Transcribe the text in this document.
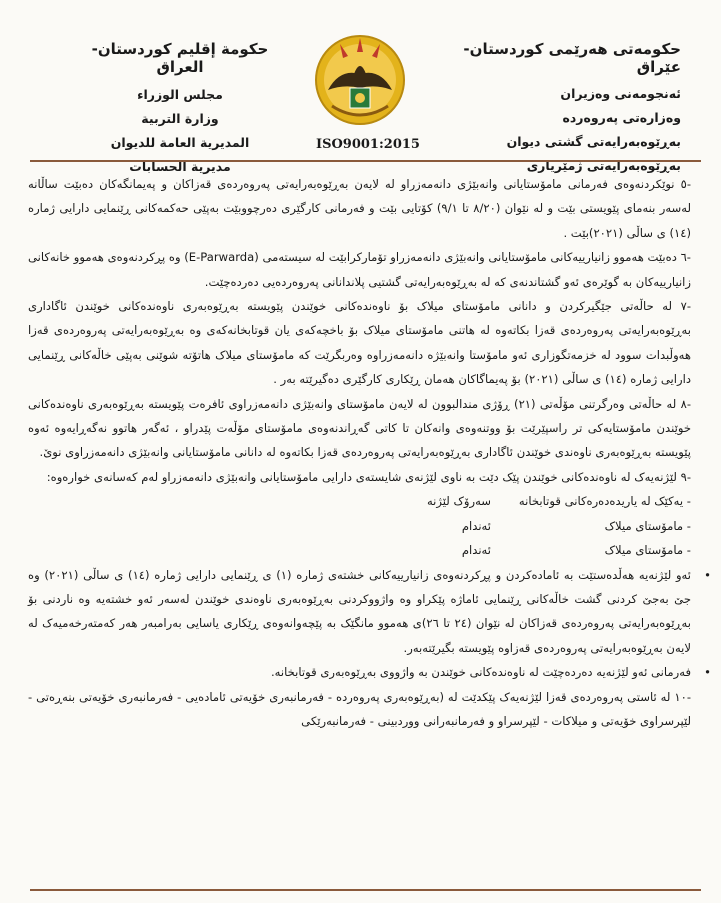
حکومەتی هەرێمی کوردستان- عێراق
ئەنجومەنی وەزیران
وەزارەتی پەروەردە
بەڕێوەبەرایەتی گشتی دیوان
بەڕێوەبەرایەتی ژمێریاری
حكومة إقليم كوردستان- العراق
مجلس الوزراء
وزارة التربية
المديرية العامة للديوان
مديرية الحسابات
ISO9001:2015

-٥ نوێکردنەوەی فەرمانی مامۆستایانی وانەبێژی دانەمەزراو لە لایەن بەڕێوەبەرایەتی پەروەردەی قەزاکان و پەیمانگەکان دەبێت ساڵانە لەسەر بنەمای پێویستی بێت و لە نێوان (٨/٢٠ تا ٩/١) کۆتایی بێت و فەرمانی کارگێری دەرچووبێت بەپێی حەکمەکانی ڕێنمایی دارایی ژمارە (١٤) ی ساڵی (٢٠٢١)بێت .

-٦ دەبێت هەموو زانیارییەکانی مامۆستایانی وانەبێژی دانەمەزراو تۆمارکرابێت لە سیستەمی (E-Parwarda) وە پڕکردنەوەی هەموو خانەکانی زانیارییەکان بە گوێرەی ئەو گشتاندنەی کە لە بەڕێوەبەرایەتی گشتیی پلاندانانی پەروەردەیی دەردەچێت.

-٧ لە حاڵەتی جێگیرکردن و دانانی مامۆستای میلاک بۆ ناوەندەکانی خوێندن پێویستە بەڕێوەبەری ناوەندەکانی خوێندن ئاگاداری بەڕێوەبەرایەتی پەروەردەی قەزا بکاتەوە لە هاتنی مامۆستای میلاک بۆ باخچەکەی یان قوتابخانەکەی وە بەڕێوەبەرایەتی پەروەردەی قەزا هەوڵبدات سوود لە خزمەتگوزاری ئەو مامۆستا وانەبێژە دانەمەزراوە وەربگرێت کە مامۆستای میلاک هاتۆتە شوێنی بەپێی خاڵەکانی ڕێنمایی دارایی ژمارە (١٤) ی ساڵی (٢٠٢١) بۆ پەیماگاکان هەمان ڕێکاری کارگێری دەگیرێتە بەر .

-٨ لە حاڵەتی وەرگرتنی مۆڵەتی (٢١) ڕۆژی مندالبوون لە لایەن مامۆستای وانەبێژی دانەمەزراوی ئافرەت پێویستە بەڕێوەبەری ناوەندەکانی خوێندن مامۆستایەکی تر راسپێرێت بۆ ووتنەوەی وانەکان تا کاتی گەڕاندنەوەی مامۆستای مۆڵەت پێدراو ، ئەگەر هاتوو نەگەڕایەوە ئەوە پێویستە بەڕێوەبەری ناوەندی خوێندن ئاگاداری بەڕێوەبەرایەتی پەروەردەی قەزا بکاتەوە لە دانانی مامۆستایانی وانەبێژی دانەمەزراوی نوێ.

-٩ لێژنەیەک لە ناوەندەکانی خوێندن پێک دێت بە ناوی لێژنەی شایستەی دارایی مامۆستایانی وانەبێژی دانەمەزراو لەم کەسانەی خوارەوە:

- یەکێک لە یاریدەدەرەکانی قوتابخانە
سەرۆک لێژنە
- مامۆستای میلاک
ئەندام
- مامۆستای میلاک
ئەندام

•
ئەو لێژنەیە هەڵدەستێت بە ئامادەکردن و پڕکردنەوەی زانیارییەکانی خشتەی ژمارە (١) ی ڕێنمایی دارایی ژمارە (١٤) ی ساڵی (٢٠٢١) وە جێ بەجێ کردنی گشت خاڵەکانی ڕێنمایی ئاماژە پێکراو وە واژووکردنی بەڕێوەبەری ناوەندی خوێندن لەسەر ئەو خشتەیە وە ناردنی بۆ بەڕێوەبەرایەتی پەروەردەی قەزاکان لە نێوان (٢٤ تا ٢٦)ی هەموو مانگێک بە پێچەوانەوەی ڕێکاری یاسایی بەرامبەر هەر کەمتەرخەمیەک لە لایەن بەڕێوەبەرایەتی پەروەردەی قەزاوە پێویستە بگیرێتەبەر.

•
فەرمانی ئەو لێژنەیە دەردەچێت لە ناوەندەکانی خوێندن بە واژووی بەڕێوەبەری قوتابخانە.

-١٠ لە ئاستی پەروەردەی قەزا لێژنەیەک پێکدێت لە (بەڕێوەبەری پەروەردە - فەرمانبەری خۆیەتی ئامادەیی - فەرمانبەری خۆیەتی بنەڕەتی - لێپرسراوی خۆیەتی و میلاکات - لێپرسراو و فەرمانبەرانی ووردبینی - فەرمانبەرێکی
